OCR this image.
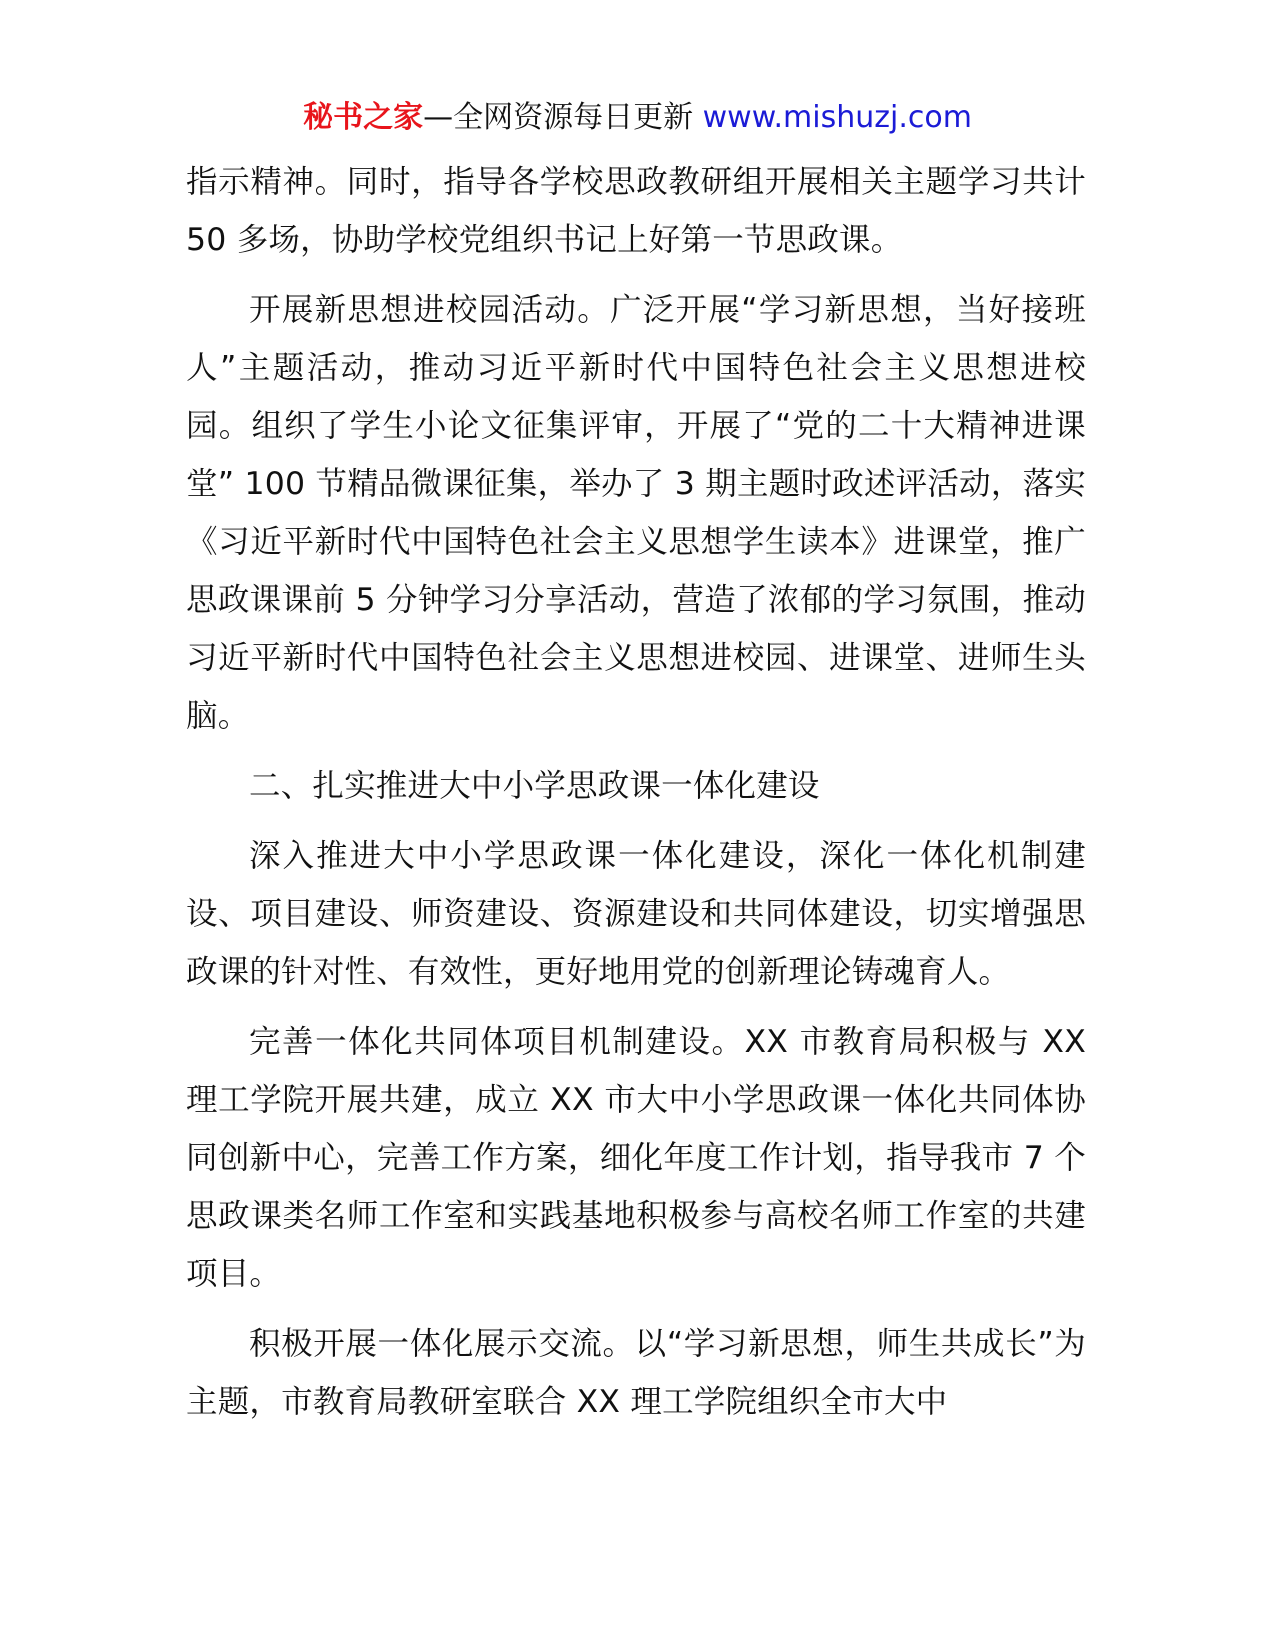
秘书之家—全网资源每日更新 www.mishuzj.com

指示精神。同时，指导各学校思政教研组开展相关主题学习共计 50 多场，协助学校党组织书记上好第一节思政课。

开展新思想进校园活动。广泛开展“学习新思想，当好接班人”主题活动，推动习近平新时代中国特色社会主义思想进校园。组织了学生小论文征集评审，开展了“党的二十大精神进课堂” 100 节精品微课征集，举办了 3 期主题时政述评活动，落实《习近平新时代中国特色社会主义思想学生读本》进课堂，推广思政课课前 5 分钟学习分享活动，营造了浓郁的学习氛围，推动习近平新时代中国特色社会主义思想进校园、进课堂、进师生头脑。

二、扎实推进大中小学思政课一体化建设

深入推进大中小学思政课一体化建设，深化一体化机制建设、项目建设、师资建设、资源建设和共同体建设，切实增强思政课的针对性、有效性，更好地用党的创新理论铸魂育人。

完善一体化共同体项目机制建设。XX 市教育局积极与 XX 理工学院开展共建，成立 XX 市大中小学思政课一体化共同体协同创新中心，完善工作方案，细化年度工作计划，指导我市 7 个思政课类名师工作室和实践基地积极参与高校名师工作室的共建项目。

积极开展一体化展示交流。以“学习新思想，师生共成长”为主题，市教育局教研室联合 XX 理工学院组织全市大中
